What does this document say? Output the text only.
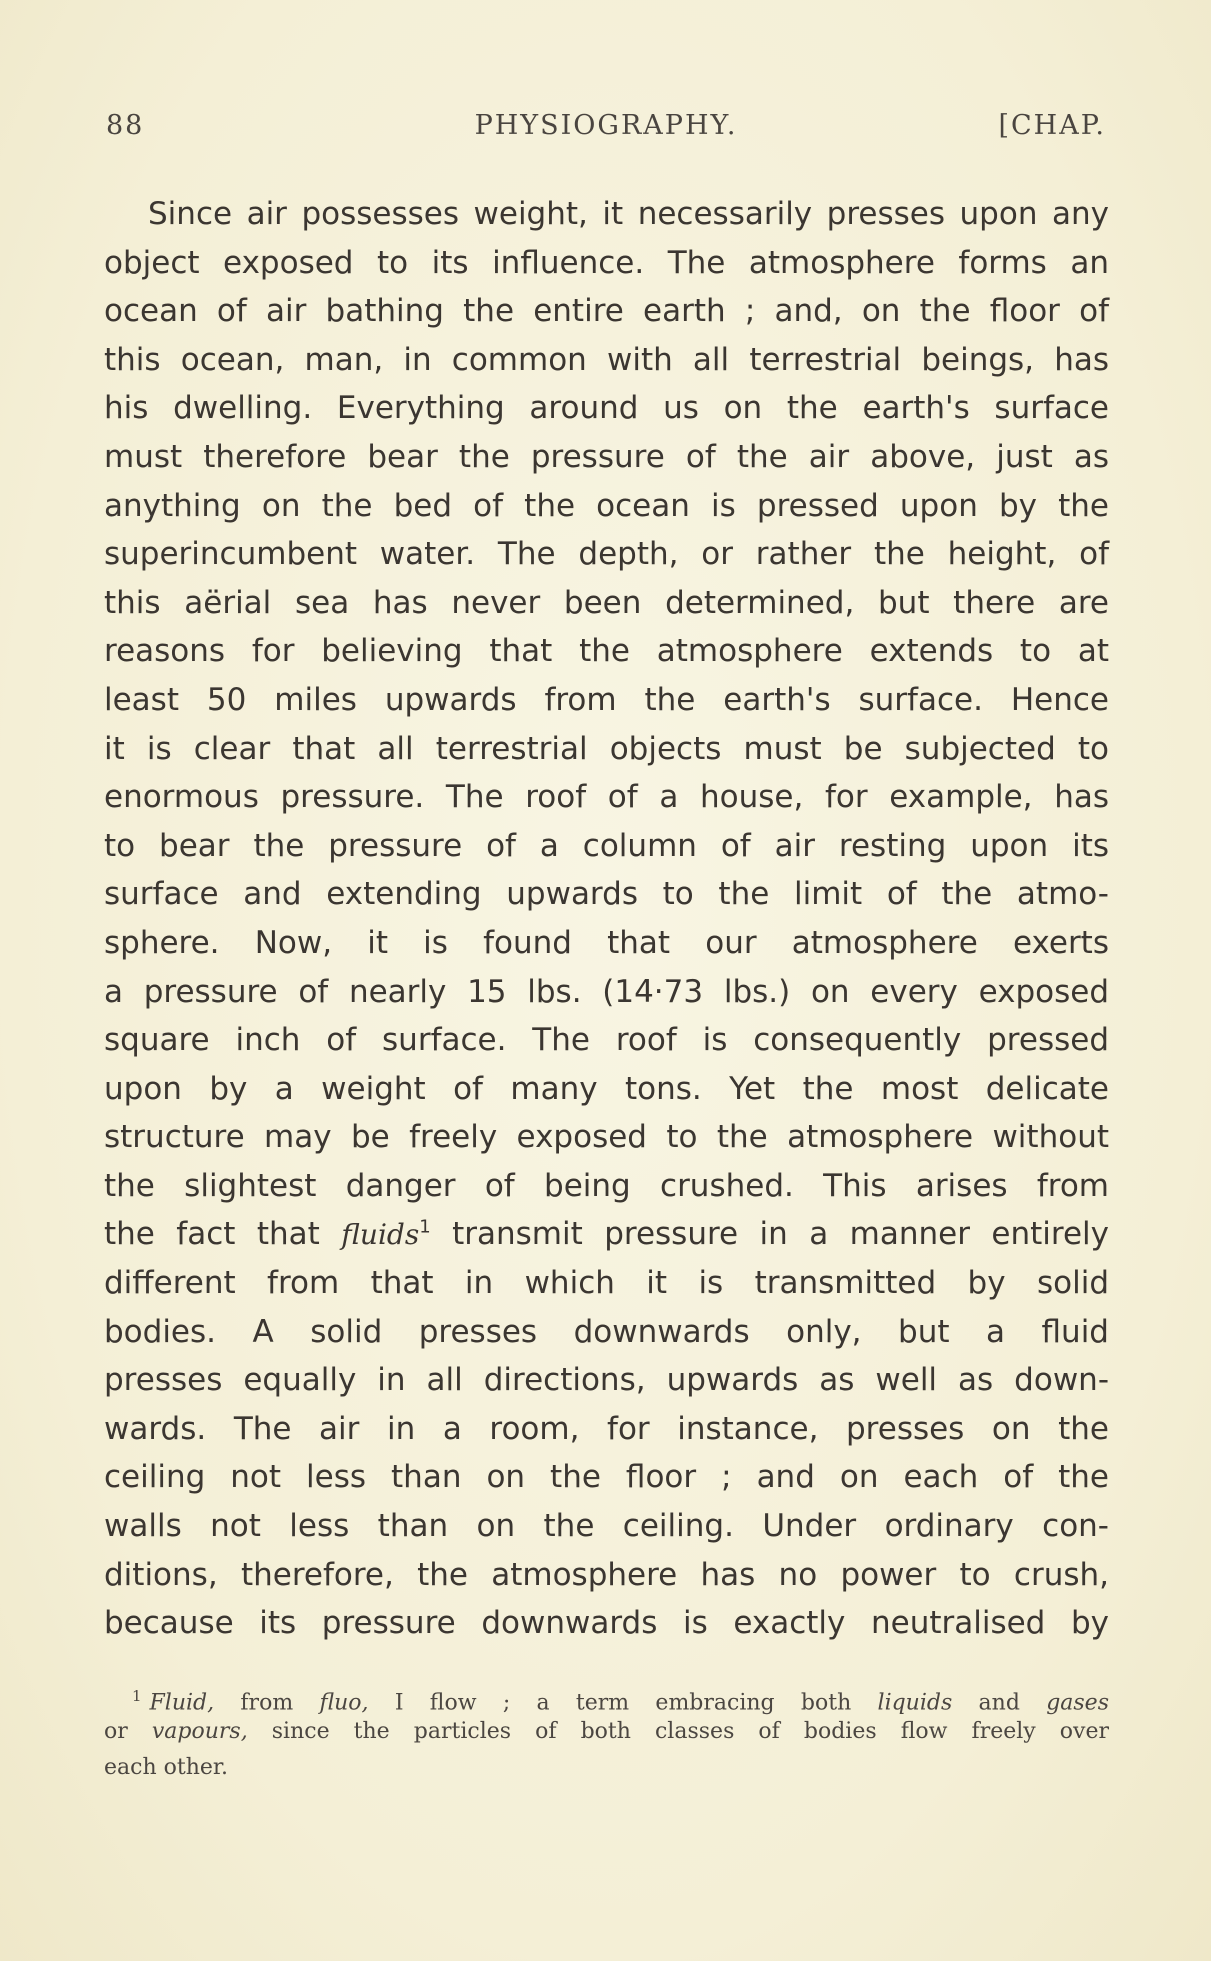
88	PHYSIOGRAPHY.	[CHAP.
Since air possesses weight, it necessarily presses upon any
object exposed to its influence. The atmosphere forms an
ocean of air bathing the entire earth ; and, on the floor of
this ocean, man, in common with all terrestrial beings, has
his dwelling. Everything around us on the earth's surface
must therefore bear the pressure of the air above, just as
anything on the bed of the ocean is pressed upon by the
superincumbent water. The depth, or rather the height, of
this aërial sea has never been determined, but there are
reasons for believing that the atmosphere extends to at
least 50 miles upwards from the earth's surface. Hence
it is clear that all terrestrial objects must be subjected to
enormous pressure. The roof of a house, for example, has
to bear the pressure of a column of air resting upon its
surface and extending upwards to the limit of the atmo-
sphere. Now, it is found that our atmosphere exerts
a pressure of nearly 15 lbs. (14·73 lbs.) on every exposed
square inch of surface. The roof is consequently pressed
upon by a weight of many tons. Yet the most delicate
structure may be freely exposed to the atmosphere without
the slightest danger of being crushed. This arises from
the fact that fluids$^1$ transmit pressure in a manner entirely
different from that in which it is transmitted by solid
bodies. A solid presses downwards only, but a fluid
presses equally in all directions, upwards as well as down-
wards. The air in a room, for instance, presses on the
ceiling not less than on the floor ; and on each of the
walls not less than on the ceiling. Under ordinary con-
ditions, therefore, the atmosphere has no power to crush,
because its pressure downwards is exactly neutralised by
$^1$ Fluid, from fluo, I flow ; a term embracing both liquids and gases
or vapours, since the particles of both classes of bodies flow freely over
each other.
